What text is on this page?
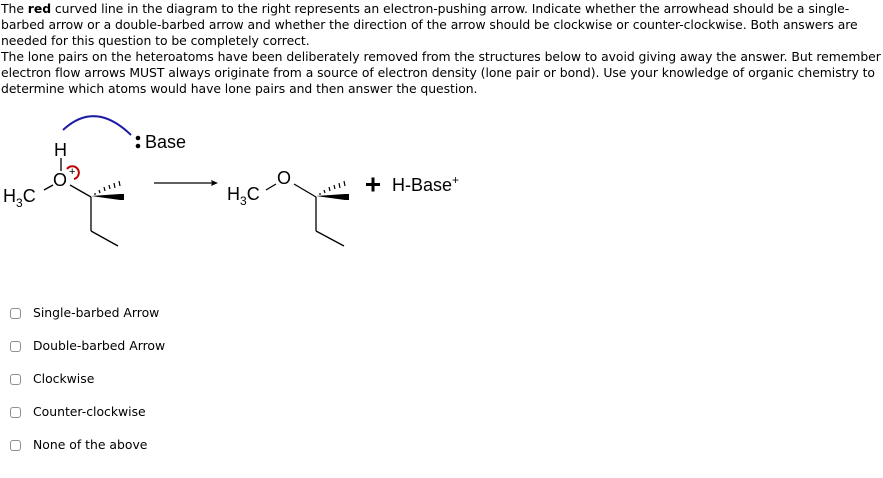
The red curved line in the diagram to the right represents an electron-pushing arrow. Indicate whether the arrowhead should be a single-barbed arrow or a double-barbed arrow and whether the direction of the arrow should be clockwise or counter-clockwise. Both answers are needed for this question to be completely correct.

The lone pairs on the heteroatoms have been deliberately removed from the structures below to avoid giving away the answer. But remember electron flow arrows MUST always originate from a source of electron density (lone pair or bond). Use your knowledge of organic chemistry to determine which atoms would have lone pairs and then answer the question.

H
O +
$H_3C$
Base
O
$H_3C$	H-Base+
Single-barbed Arrow
Double-barbed Arrow
Clockwise
Counter-clockwise
None of the above
